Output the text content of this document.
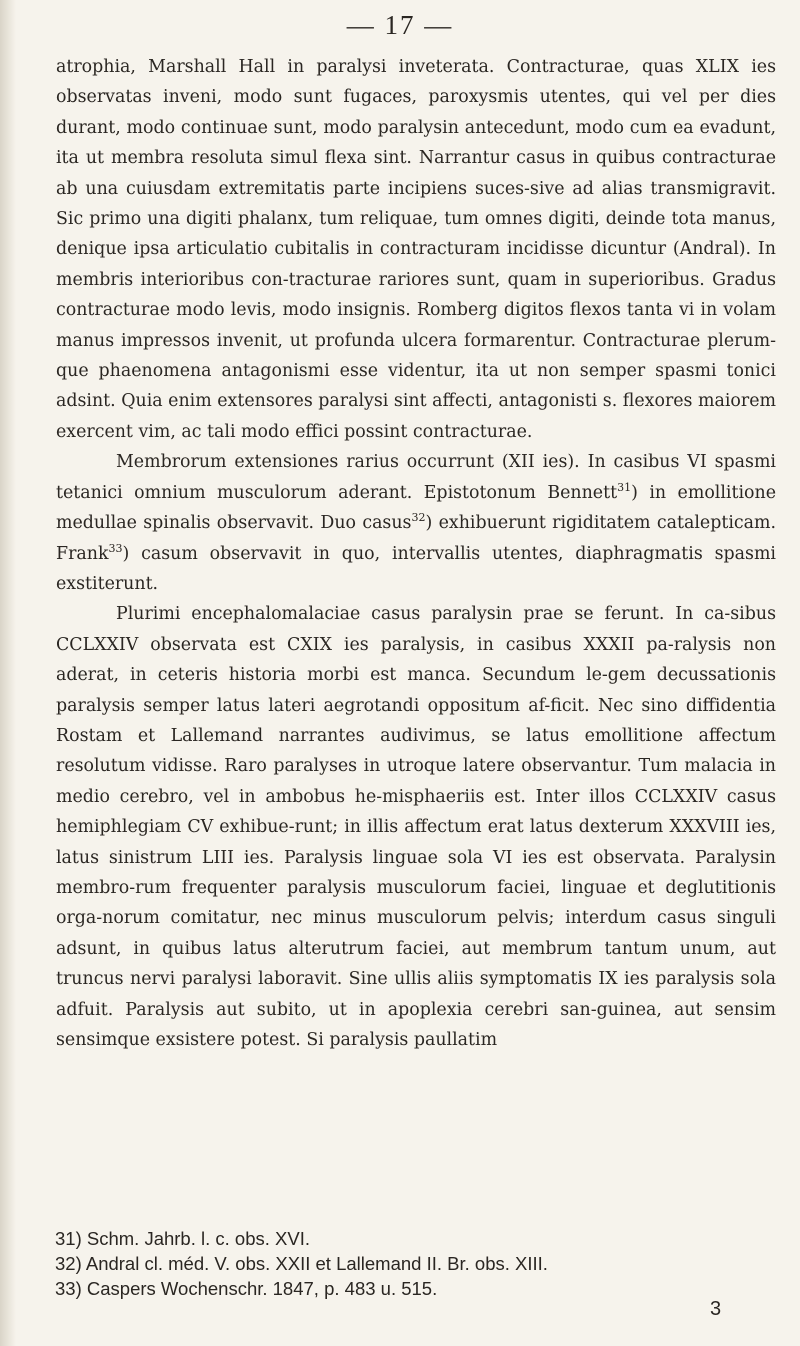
— 17 —

atrophia, Marshall Hall in paralysi inveterata. Contracturae, quas XLIX ies observatas inveni, modo sunt fugaces, paroxysmis utentes, qui vel per dies durant, modo continuae sunt, modo paralysin antecedunt, modo cum ea evadunt, ita ut membra resoluta simul flexa sint. Narrantur casus in quibus contracturae ab una cuiusdam extremitatis parte incipiens suces-sive ad alias transmigravit. Sic primo una digiti phalanx, tum reliquae, tum omnes digiti, deinde tota manus, denique ipsa articulatio cubitalis in contracturam incidisse dicuntur (Andral). In membris interioribus con-tracturae rariores sunt, quam in superioribus. Gradus contracturae modo levis, modo insignis. Romberg digitos flexos tanta vi in volam manus impressos invenit, ut profunda ulcera formarentur. Contracturae plerum-que phaenomena antagonismi esse videntur, ita ut non semper spasmi tonici adsint. Quia enim extensores paralysi sint affecti, antagonisti s. flexores maiorem exercent vim, ac tali modo effici possint contracturae.

Membrorum extensiones rarius occurrunt (XII ies). In casibus VI spasmi tetanici omnium musculorum aderant. Epistotonum Bennett$^{31}$) in emollitione medullae spinalis observavit. Duo casus$^{32}$) exhibuerunt rigiditatem catalepticam. Frank$^{33}$) casum observavit in quo, intervallis utentes, diaphragmatis spasmi exstiterunt.

Plurimi encephalomalaciae casus paralysin prae se ferunt. In ca-sibus CCLXXIV observata est CXIX ies paralysis, in casibus XXXII pa-ralysis non aderat, in ceteris historia morbi est manca. Secundum le-gem decussationis paralysis semper latus lateri aegrotandi oppositum af-ficit. Nec sino diffidentia Rostam et Lallemand narrantes audivimus, se latus emollitione affectum resolutum vidisse. Raro paralyses in utroque latere observantur. Tum malacia in medio cerebro, vel in ambobus he-misphaeriis est. Inter illos CCLXXIV casus hemiphlegiam CV exhibue-runt; in illis affectum erat latus dexterum XXXVIII ies, latus sinistrum LIII ies. Paralysis linguae sola VI ies est observata. Paralysin membro-rum frequenter paralysis musculorum faciei, linguae et deglutitionis orga-norum comitatur, nec minus musculorum pelvis; interdum casus singuli adsunt, in quibus latus alterutrum faciei, aut membrum tantum unum, aut truncus nervi paralysi laboravit. Sine ullis aliis symptomatis IX ies paralysis sola adfuit. Paralysis aut subito, ut in apoplexia cerebri san-guinea, aut sensim sensimque exsistere potest. Si paralysis paullatim

31) Schm. Jahrb. l. c. obs. XVI.
32) Andral cl. méd. V. obs. XXII et Lallemand II. Br. obs. XIII.
33) Caspers Wochenschr. 1847, p. 483 u. 515.
3
